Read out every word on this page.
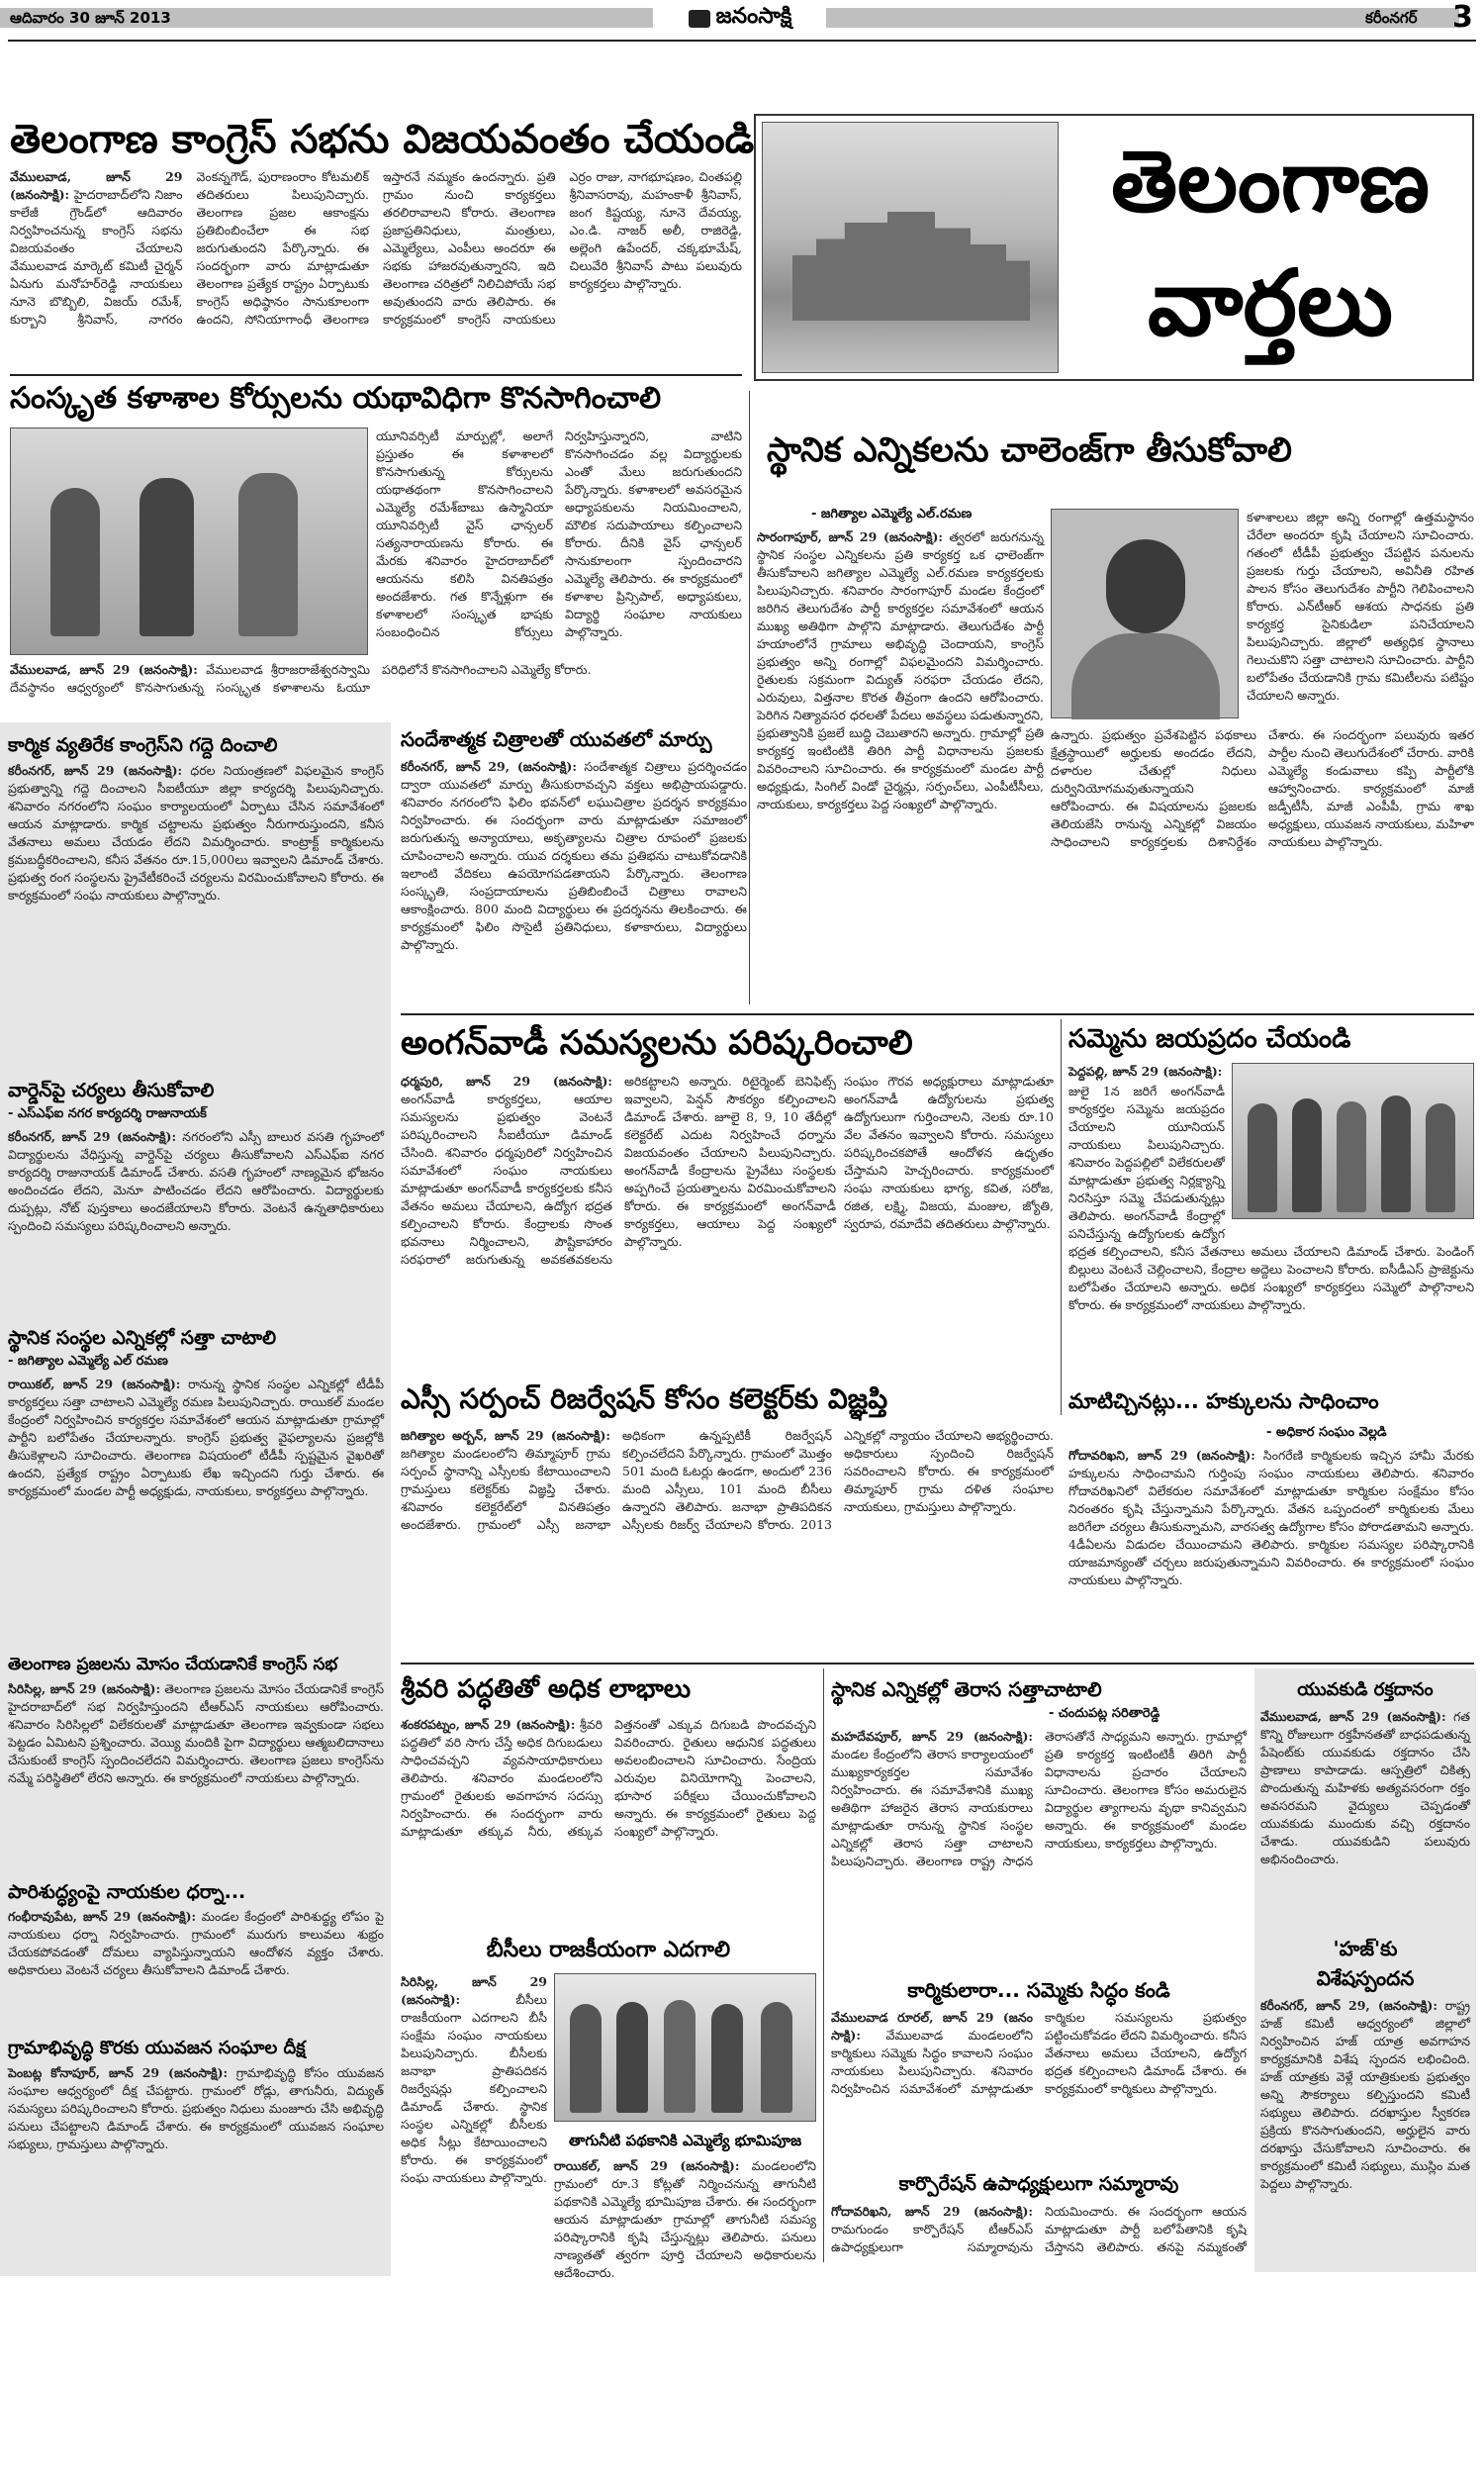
ఆదివారం 30 జూన్ 2013	జనంసాక్షి	కరీంనగర్ 3
తెలంగాణ కాంగ్రెస్ సభను విజయవంతం చేయండి
వేములవాడ, జూన్ 29 (జనంసాక్షి): హైదరాబాద్‌లోని నిజాం కాలేజీ గ్రౌండ్‌లో ఆదివారం నిర్వహించనున్న కాంగ్రెస్ సభను విజయవంతం చేయాలని వేములవాడ మార్కెట్ కమిటీ చైర్మన్ ఏనుగు మనోహర్‌రెడ్డి నాయకులు నూనె బొబ్బిలి, విజయ్ రమేశ్, కుర్బాని శ్రీనివాస్, నాగరం వెంకన్నగౌడ్, పురాణంరాం కోటమలిక్ తదితరులు పిలుపునిచ్చారు. తెలంగాణ ప్రజల ఆకాంక్షను ప్రతిబింబించేలా ఈ సభ జరుగుతుందని పేర్కొన్నారు. ఈ సందర్భంగా వారు మాట్లాడుతూ తెలంగాణ ప్రత్యేక రాష్ట్రం ఏర్పాటుకు కాంగ్రెస్ అధిష్ఠానం సానుకూలంగా ఉందని, సోనియాగాంధీ తెలంగాణ ఇస్తారనే నమ్మకం ఉందన్నారు. ప్రతి గ్రామం నుంచి కార్యకర్తలు తరలిరావాలని కోరారు. తెలంగాణ ప్రజాప్రతినిధులు, మంత్రులు, ఎమ్మెల్యేలు, ఎంపీలు అందరూ ఈ సభకు హాజరవుతున్నారని, ఇది తెలంగాణ చరిత్రలో నిలిచిపోయే సభ అవుతుందని వారు తెలిపారు. ఈ కార్యక్రమంలో కాంగ్రెస్ నాయకులు ఎర్రం రాజు, నాగభూషణం, చింతపల్లి శ్రీనివాసరావు, మహంకాళీ శ్రీనివాస్, జంగ కిష్టయ్య, నూనె దేవయ్య, ఎం.డి. నాజర్ అలీ, రాజిరెడ్డి, అల్లెంగి ఉపేందర్, చక్కభూమేష్, చిలువేరి శ్రీనివాస్ పాటు పలువురు కార్యకర్తలు పాల్గొన్నారు.
తెలంగాణ
వార్తలు
సంస్కృత కళాశాల కోర్సులను యథావిధిగా కొనసాగించాలి
యూనివర్సిటీ మార్పుల్లో, అలాగే ప్రస్తుతం ఈ కళాశాలలో కొనసాగుతున్న కోర్సులను యథాతథంగా కొనసాగించాలని ఎమ్మెల్యే రమేశ్‌బాబు ఉస్మానియా యూనివర్సిటీ వైస్ ఛాన్సలర్ సత్యనారాయణను కోరారు. ఈ మేరకు శనివారం హైదరాబాద్‌లో ఆయనను కలిసి వినతిపత్రం అందజేశారు. గత కొన్నేళ్లుగా ఈ కళాశాలలో సంస్కృత భాషకు సంబంధించిన కోర్సులు నిర్వహిస్తున్నారని, వాటిని కొనసాగించడం వల్ల విద్యార్థులకు ఎంతో మేలు జరుగుతుందని పేర్కొన్నారు. కళాశాలలో అవసరమైన అధ్యాపకులను నియమించాలని, మౌలిక సదుపాయాలు కల్పించాలని కోరారు. దీనికి వైస్ ఛాన్సలర్ సానుకూలంగా స్పందించారని ఎమ్మెల్యే తెలిపారు. ఈ కార్యక్రమంలో కళాశాల ప్రిన్సిపాల్, అధ్యాపకులు, విద్యార్థి సంఘాల నాయకులు పాల్గొన్నారు.
వేములవాడ, జూన్ 29 (జనంసాక్షి): వేములవాడ శ్రీరాజరాజేశ్వరస్వామి దేవస్థానం ఆధ్వర్యంలో కొనసాగుతున్న సంస్కృత కళాశాలను ఓయూ పరిధిలోనే కొనసాగించాలని ఎమ్మెల్యే కోరారు.
స్థానిక ఎన్నికలను చాలెంజ్‌గా తీసుకోవాలి
- జగిత్యాల ఎమ్మెల్యే ఎల్.రమణ
సారంగాపూర్, జూన్ 29 (జనంసాక్షి): త్వరలో జరుగనున్న స్థానిక సంస్థల ఎన్నికలను ప్రతి కార్యకర్త ఒక ఛాలెంజ్‌గా తీసుకోవాలని జగిత్యాల ఎమ్మెల్యే ఎల్.రమణ కార్యకర్తలకు పిలుపునిచ్చారు. శనివారం సారంగాపూర్ మండల కేంద్రంలో జరిగిన తెలుగుదేశం పార్టీ కార్యకర్తల సమావేశంలో ఆయన ముఖ్య అతిథిగా పాల్గొని మాట్లాడారు. తెలుగుదేశం పార్టీ హయాంలోనే గ్రామాలు అభివృద్ధి చెందాయని, కాంగ్రెస్ ప్రభుత్వం అన్ని రంగాల్లో విఫలమైందని విమర్శించారు. రైతులకు సక్రమంగా విద్యుత్ సరఫరా చేయడం లేదని, ఎరువులు, విత్తనాల కొరత తీవ్రంగా ఉందని ఆరోపించారు. పెరిగిన నిత్యావసర ధరలతో పేదలు అవస్థలు పడుతున్నారని, ప్రభుత్వానికి ప్రజలే బుద్ధి చెబుతారని అన్నారు. గ్రామాల్లో ప్రతి కార్యకర్త ఇంటింటికి తిరిగి పార్టీ విధానాలను ప్రజలకు వివరించాలని సూచించారు. ఈ కార్యక్రమంలో మండల పార్టీ అధ్యక్షుడు, సింగిల్ విండో చైర్మన్లు, సర్పంచ్‌లు, ఎంపీటీసీలు, నాయకులు, కార్యకర్తలు పెద్ద సంఖ్యలో పాల్గొన్నారు.
కళాశాలలు జిల్లా అన్ని రంగాల్లో ఉత్తమస్థానం చేరేలా అందరూ కృషి చేయాలని సూచించారు. గతంలో టీడీపీ ప్రభుత్వం చేపట్టిన పనులను ప్రజలకు గుర్తు చేయాలని, అవినీతి రహిత పాలన కోసం తెలుగుదేశం పార్టీని గెలిపించాలని కోరారు. ఎన్‌టీఆర్ ఆశయ సాధనకు ప్రతి కార్యకర్త సైనికుడిలా పనిచేయాలని పిలుపునిచ్చారు. జిల్లాలో అత్యధిక స్థానాలు గెలుచుకొని సత్తా చాటాలని సూచించారు. పార్టీని బలోపేతం చేయడానికి గ్రామ కమిటీలను పటిష్టం చేయాలని అన్నారు.
ఉన్నారు. ప్రభుత్వం ప్రవేశపెట్టిన పథకాలు క్షేత్రస్థాయిలో అర్హులకు అందడం లేదని, దళారుల చేతుల్లో నిధులు దుర్వినియోగమవుతున్నాయని ఆరోపించారు. ఈ విషయాలను ప్రజలకు తెలియజేసి రానున్న ఎన్నికల్లో విజయం సాధించాలని కార్యకర్తలకు దిశానిర్దేశం చేశారు. ఈ సందర్భంగా పలువురు ఇతర పార్టీల నుంచి తెలుగుదేశంలో చేరారు. వారికి ఎమ్మెల్యే కండువాలు కప్పి పార్టీలోకి ఆహ్వానించారు. కార్యక్రమంలో మాజీ జడ్పీటీసీ, మాజీ ఎంపీపీ, గ్రామ శాఖ అధ్యక్షులు, యువజన నాయకులు, మహిళా నాయకులు పాల్గొన్నారు.
కార్మిక వ్యతిరేక కాంగ్రెస్‌ని గద్దె దించాలి
కరీంనగర్, జూన్ 29 (జనంసాక్షి): ధరల నియంత్రణలో విఫలమైన కాంగ్రెస్ ప్రభుత్వాన్ని గద్దె దించాలని సీఐటీయూ జిల్లా కార్యదర్శి పిలుపునిచ్చారు. శనివారం నగరంలోని సంఘం కార్యాలయంలో ఏర్పాటు చేసిన సమావేశంలో ఆయన మాట్లాడారు. కార్మిక చట్టాలను ప్రభుత్వం నీరుగారుస్తుందని, కనీస వేతనాలు అమలు చేయడం లేదని విమర్శించారు. కాంట్రాక్ట్ కార్మికులను క్రమబద్ధీకరించాలని, కనీస వేతనం రూ.15,000లు ఇవ్వాలని డిమాండ్ చేశారు. ప్రభుత్వ రంగ సంస్థలను ప్రైవేటీకరించే చర్యలను విరమించుకోవాలని కోరారు. ఈ కార్యక్రమంలో సంఘ నాయకులు పాల్గొన్నారు.
వార్డెన్‌పై చర్యలు తీసుకోవాలి
- ఎస్‌ఎఫ్‌ఐ నగర కార్యదర్శి రాజునాయక్
కరీంనగర్, జూన్ 29 (జనంసాక్షి): నగరంలోని ఎస్సీ బాలుర వసతి గృహంలో విద్యార్థులను వేధిస్తున్న వార్డెన్‌పై చర్యలు తీసుకోవాలని ఎస్‌ఎఫ్‌ఐ నగర కార్యదర్శి రాజునాయక్ డిమాండ్ చేశారు. వసతి గృహంలో నాణ్యమైన భోజనం అందించడం లేదని, మెనూ పాటించడం లేదని ఆరోపించారు. విద్యార్థులకు దుప్పట్లు, నోట్ పుస్తకాలు అందజేయాలని కోరారు. వెంటనే ఉన్నతాధికారులు స్పందించి సమస్యలు పరిష్కరించాలని అన్నారు.
స్థానిక సంస్థల ఎన్నికల్లో సత్తా చాటాలి
- జగిత్యాల ఎమ్మెల్యే ఎల్ రమణ
రాయికల్, జూన్ 29 (జనంసాక్షి): రానున్న స్థానిక సంస్థల ఎన్నికల్లో టీడీపీ కార్యకర్తలు సత్తా చాటాలని ఎమ్మెల్యే రమణ పిలుపునిచ్చారు. రాయికల్ మండల కేంద్రంలో నిర్వహించిన కార్యకర్తల సమావేశంలో ఆయన మాట్లాడుతూ గ్రామాల్లో పార్టీని బలోపేతం చేయాలన్నారు. కాంగ్రెస్ ప్రభుత్వ వైఫల్యాలను ప్రజల్లోకి తీసుకెళ్లాలని సూచించారు. తెలంగాణ విషయంలో టీడీపీ స్పష్టమైన వైఖరితో ఉందని, ప్రత్యేక రాష్ట్రం ఏర్పాటుకు లేఖ ఇచ్చిందని గుర్తు చేశారు. ఈ కార్యక్రమంలో మండల పార్టీ అధ్యక్షుడు, నాయకులు, కార్యకర్తలు పాల్గొన్నారు.
తెలంగాణ ప్రజలను మోసం చేయడానికే కాంగ్రెస్ సభ
సిరిసిల్ల, జూన్ 29 (జనంసాక్షి): తెలంగాణ ప్రజలను మోసం చేయడానికే కాంగ్రెస్ హైదరాబాద్‌లో సభ నిర్వహిస్తుందని టీఆర్ఎస్ నాయకులు ఆరోపించారు. శనివారం సిరిసిల్లలో విలేకరులతో మాట్లాడుతూ తెలంగాణ ఇవ్వకుండా సభలు పెట్టడం ఏమిటని ప్రశ్నించారు. వెయ్యి మందికి పైగా విద్యార్థులు ఆత్మబలిదానాలు చేసుకుంటే కాంగ్రెస్ స్పందించలేదని విమర్శించారు. తెలంగాణ ప్రజలు కాంగ్రెస్‌ను నమ్మే పరిస్థితిలో లేరని అన్నారు. ఈ కార్యక్రమంలో నాయకులు పాల్గొన్నారు.
పారిశుద్ధ్యంపై నాయకుల ధర్నా...
గంభీరావుపేట, జూన్ 29 (జనంసాక్షి): మండల కేంద్రంలో పారిశుద్ధ్య లోపం పై నాయకులు ధర్నా నిర్వహించారు. గ్రామంలో మురుగు కాలువలు శుభ్రం చేయకపోవడంతో దోమలు వ్యాపిస్తున్నాయని ఆందోళన వ్యక్తం చేశారు. అధికారులు వెంటనే చర్యలు తీసుకోవాలని డిమాండ్ చేశారు.
గ్రామాభివృద్ధి కొరకు యువజన సంఘాల దీక్ష
పెంబట్ల కోనాపూర్, జూన్ 29 (జనంసాక్షి): గ్రామాభివృద్ధి కోసం యువజన సంఘాల ఆధ్వర్యంలో దీక్ష చేపట్టారు. గ్రామంలో రోడ్లు, తాగునీరు, విద్యుత్ సమస్యలు పరిష్కరించాలని కోరారు. ప్రభుత్వం నిధులు మంజూరు చేసి అభివృద్ధి పనులు చేపట్టాలని డిమాండ్ చేశారు. ఈ కార్యక్రమంలో యువజన సంఘాల సభ్యులు, గ్రామస్తులు పాల్గొన్నారు.
సందేశాత్మక చిత్రాలతో యువతలో మార్పు
కరీంనగర్, జూన్ 29, (జనంసాక్షి): సందేశాత్మక చిత్రాలు ప్రదర్శించడం ద్వారా యువతలో మార్పు తీసుకురావచ్చని వక్తలు అభిప్రాయపడ్డారు. శనివారం నగరంలోని ఫిలిం భవన్‌లో లఘుచిత్రాల ప్రదర్శన కార్యక్రమం నిర్వహించారు. ఈ సందర్భంగా వారు మాట్లాడుతూ సమాజంలో జరుగుతున్న అన్యాయాలు, అకృత్యాలను చిత్రాల రూపంలో ప్రజలకు చూపించాలని అన్నారు. యువ దర్శకులు తమ ప్రతిభను చాటుకోవడానికి ఇలాంటి వేదికలు ఉపయోగపడతాయని పేర్కొన్నారు. తెలంగాణ సంస్కృతి, సంప్రదాయాలను ప్రతిబింబించే చిత్రాలు రావాలని ఆకాంక్షించారు. 800 మంది విద్యార్థులు ఈ ప్రదర్శనను తిలకించారు. ఈ కార్యక్రమంలో ఫిలిం సొసైటీ ప్రతినిధులు, కళాకారులు, విద్యార్థులు పాల్గొన్నారు.
అంగన్‌వాడీ సమస్యలను పరిష్కరించాలి
ధర్మపురి, జూన్ 29 (జనంసాక్షి): అంగన్‌వాడీ కార్యకర్తలు, ఆయాల సమస్యలను ప్రభుత్వం వెంటనే పరిష్కరించాలని సీఐటీయూ డిమాండ్ చేసింది. శనివారం ధర్మపురిలో నిర్వహించిన సమావేశంలో సంఘం నాయకులు మాట్లాడుతూ అంగన్‌వాడీ కార్యకర్తలకు కనీస వేతనం అమలు చేయాలని, ఉద్యోగ భద్రత కల్పించాలని కోరారు. కేంద్రాలకు సొంత భవనాలు నిర్మించాలని, పౌష్టికాహారం సరఫరాలో జరుగుతున్న అవకతవకలను అరికట్టాలని అన్నారు. రిటైర్మెంట్ బెనిఫిట్స్ ఇవ్వాలని, పెన్షన్ సౌకర్యం కల్పించాలని డిమాండ్ చేశారు. జూలై 8, 9, 10 తేదీల్లో కలెక్టరేట్ ఎదుట నిర్వహించే ధర్నాను విజయవంతం చేయాలని పిలుపునిచ్చారు. అంగన్‌వాడీ కేంద్రాలను ప్రైవేటు సంస్థలకు అప్పగించే ప్రయత్నాలను విరమించుకోవాలని కోరారు. ఈ కార్యక్రమంలో అంగన్‌వాడీ కార్యకర్తలు, ఆయాలు పెద్ద సంఖ్యలో పాల్గొన్నారు.
సంఘం గౌరవ అధ్యక్షురాలు మాట్లాడుతూ అంగన్‌వాడీ ఉద్యోగులను ప్రభుత్వ ఉద్యోగులుగా గుర్తించాలని, నెలకు రూ.10 వేల వేతనం ఇవ్వాలని కోరారు. సమస్యలు పరిష్కరించకపోతే ఆందోళన ఉధృతం చేస్తామని హెచ్చరించారు. కార్యక్రమంలో సంఘ నాయకులు భాగ్య, కవిత, సరోజ, రజిత, లక్ష్మి, విజయ, మంజుల, జ్యోతి, స్వరూప, రమాదేవి తదితరులు పాల్గొన్నారు.
సమ్మెను జయప్రదం చేయండి
పెద్దపల్లి, జూన్ 29 (జనంసాక్షి):
జులై 1న జరిగే అంగన్‌వాడీ కార్యకర్తల సమ్మెను జయప్రదం చేయాలని యూనియన్ నాయకులు పిలుపునిచ్చారు. శనివారం పెద్దపల్లిలో విలేకరులతో మాట్లాడుతూ ప్రభుత్వ నిర్లక్ష్యాన్ని నిరసిస్తూ సమ్మె చేపడుతున్నట్లు తెలిపారు. అంగన్‌వాడీ కేంద్రాల్లో పనిచేస్తున్న ఉద్యోగులకు ఉద్యోగ భద్రత కల్పించాలని, కనీస వేతనాలు అమలు చేయాలని డిమాండ్ చేశారు. పెండింగ్ బిల్లులు వెంటనే చెల్లించాలని, కేంద్రాల అద్దెలు పెంచాలని కోరారు. ఐసీడీఎస్ ప్రాజెక్టును బలోపేతం చేయాలని అన్నారు. అధిక సంఖ్యలో కార్యకర్తలు సమ్మెలో పాల్గొనాలని కోరారు. ఈ కార్యక్రమంలో నాయకులు పాల్గొన్నారు.
ఎస్సీ సర్పంచ్ రిజర్వేషన్ కోసం కలెక్టర్‌కు విజ్ఞప్తి
జగిత్యాల అర్బన్, జూన్ 29 (జనంసాక్షి): జగిత్యాల మండలంలోని తిమ్మాపూర్ గ్రామ సర్పంచ్ స్థానాన్ని ఎస్సీలకు కేటాయించాలని గ్రామస్తులు కలెక్టర్‌కు విజ్ఞప్తి చేశారు. శనివారం కలెక్టరేట్‌లో వినతిపత్రం అందజేశారు. గ్రామంలో ఎస్సీ జనాభా అధికంగా ఉన్నప్పటికీ రిజర్వేషన్ కల్పించలేదని పేర్కొన్నారు. గ్రామంలో మొత్తం 501 మంది ఓటర్లు ఉండగా, అందులో 236 మంది ఎస్సీలు, 101 మంది బీసీలు ఉన్నారని తెలిపారు. జనాభా ప్రాతిపదికన ఎస్సీలకు రిజర్వ్ చేయాలని కోరారు. 2013 ఎన్నికల్లో న్యాయం చేయాలని అభ్యర్థించారు. అధికారులు స్పందించి రిజర్వేషన్ సవరించాలని కోరారు. ఈ కార్యక్రమంలో తిమ్మాపూర్ గ్రామ దళిత సంఘాల నాయకులు, గ్రామస్తులు పాల్గొన్నారు.
మాటిచ్చినట్లు... హక్కులను సాధించాం
- అధికార సంఘం వెల్లడి
గోదావరిఖని, జూన్ 29 (జనంసాక్షి): సింగరేణి కార్మికులకు ఇచ్చిన హామీ మేరకు హక్కులను సాధించామని గుర్తింపు సంఘం నాయకులు తెలిపారు. శనివారం గోదావరిఖనిలో విలేకరుల సమావేశంలో మాట్లాడుతూ కార్మికుల సంక్షేమం కోసం నిరంతరం కృషి చేస్తున్నామని పేర్కొన్నారు. వేతన ఒప్పందంలో కార్మికులకు మేలు జరిగేలా చర్యలు తీసుకున్నామని, వారసత్వ ఉద్యోగాల కోసం పోరాడతామని అన్నారు. 4డీఏలను విడుదల చేయించామని తెలిపారు. కార్మికుల సమస్యల పరిష్కారానికి యాజమాన్యంతో చర్చలు జరుపుతున్నామని వివరించారు. ఈ కార్యక్రమంలో సంఘం నాయకులు పాల్గొన్నారు.
శ్రీవరి పద్ధతితో అధిక లాభాలు
శంకరపట్నం, జూన్ 29 (జనంసాక్షి): శ్రీవరి పద్ధతిలో వరి సాగు చేస్తే అధిక దిగుబడులు సాధించవచ్చని వ్యవసాయాధికారులు తెలిపారు. శనివారం మండలంలోని గ్రామంలో రైతులకు అవగాహన సదస్సు నిర్వహించారు. ఈ సందర్భంగా వారు మాట్లాడుతూ తక్కువ నీరు, తక్కువ విత్తనంతో ఎక్కువ దిగుబడి పొందవచ్చని వివరించారు. రైతులు ఆధునిక పద్ధతులు అవలంబించాలని సూచించారు. సేంద్రియ ఎరువుల వినియోగాన్ని పెంచాలని, భూసార పరీక్షలు చేయించుకోవాలని అన్నారు. ఈ కార్యక్రమంలో రైతులు పెద్ద సంఖ్యలో పాల్గొన్నారు.
బీసీలు రాజకీయంగా ఎదగాలి
సిరిసిల్ల, జూన్ 29 (జనంసాక్షి):	బీసీలు రాజకీయంగా ఎదగాలని బీసీ సంక్షేమ సంఘం నాయకులు పిలుపునిచ్చారు. బీసీలకు జనాభా ప్రాతిపదికన రిజర్వేషన్లు కల్పించాలని డిమాండ్ చేశారు. స్థానిక సంస్థల ఎన్నికల్లో బీసీలకు అధిక సీట్లు కేటాయించాలని కోరారు. ఈ కార్యక్రమంలో సంఘ నాయకులు పాల్గొన్నారు.
తాగునీటి పథకానికి ఎమ్మెల్యే భూమిపూజ
రాయికల్, జూన్ 29 (జనంసాక్షి): మండలంలోని గ్రామంలో రూ.3 కోట్లతో నిర్మించనున్న తాగునీటి పథకానికి ఎమ్మెల్యే భూమిపూజ చేశారు. ఈ సందర్భంగా ఆయన మాట్లాడుతూ గ్రామాల్లో తాగునీటి సమస్య పరిష్కారానికి కృషి చేస్తున్నట్లు తెలిపారు. పనులు నాణ్యతతో త్వరగా పూర్తి చేయాలని అధికారులను ఆదేశించారు.
స్థానిక ఎన్నికల్లో తెరాస సత్తాచాటాలి
- చందుపట్ల సరితారెడ్డి
మహదేవపూర్, జూన్ 29 (జనంసాక్షి): మండల కేంద్రంలోని తెరాస కార్యాలయంలో ముఖ్యకార్యకర్తల సమావేశం నిర్వహించారు. ఈ సమావేశానికి ముఖ్య అతిథిగా హాజరైన తెరాస నాయకురాలు మాట్లాడుతూ రానున్న స్థానిక సంస్థల ఎన్నికల్లో తెరాస సత్తా చాటాలని పిలుపునిచ్చారు. తెలంగాణ రాష్ట్ర సాధన తెరాసతోనే సాధ్యమని అన్నారు. గ్రామాల్లో ప్రతి కార్యకర్త ఇంటింటికీ తిరిగి పార్టీ విధానాలను ప్రచారం చేయాలని సూచించారు. తెలంగాణ కోసం అమరులైన విద్యార్థుల త్యాగాలను వృథా కానివ్వమని అన్నారు. ఈ కార్యక్రమంలో మండల నాయకులు, కార్యకర్తలు పాల్గొన్నారు.
కార్మికులారా... సమ్మెకు సిద్ధం కండి
వేములవాడ రూరల్, జూన్ 29 (జనం సాక్షి): వేములవాడ మండలంలోని కార్మికులు సమ్మెకు సిద్ధం కావాలని సంఘం నాయకులు పిలుపునిచ్చారు. శనివారం నిర్వహించిన సమావేశంలో మాట్లాడుతూ కార్మికుల సమస్యలను ప్రభుత్వం పట్టించుకోవడం లేదని విమర్శించారు. కనీస వేతనాలు అమలు చేయాలని, ఉద్యోగ భద్రత కల్పించాలని డిమాండ్ చేశారు. ఈ కార్యక్రమంలో కార్మికులు పాల్గొన్నారు.
కార్పొరేషన్ ఉపాధ్యక్షులుగా సమ్మారావు
గోదావరిఖని, జూన్ 29 (జనంసాక్షి): రామగుండం కార్పొరేషన్ టీఆర్ఎస్ ఉపాధ్యక్షులుగా సమ్మారావును నియమించారు. ఈ సందర్భంగా ఆయన మాట్లాడుతూ పార్టీ బలోపేతానికి కృషి చేస్తానని తెలిపారు. తనపై నమ్మకంతో
యువకుడి రక్తదానం
వేములవాడ, జూన్ 29 (జనంసాక్షి): గత కొన్ని రోజులుగా రక్తహీనతతో బాధపడుతున్న పేషెంట్‌కు యువకుడు రక్తదానం చేసి ప్రాణాలు కాపాడాడు. ఆస్పత్రిలో చికిత్స పొందుతున్న మహిళకు అత్యవసరంగా రక్తం అవసరమని వైద్యులు చెప్పడంతో యువకుడు ముందుకు వచ్చి రక్తదానం చేశాడు. యువకుడిని పలువురు అభినందించారు.
'హజ్'కు
విశేషస్పందన
కరీంనగర్, జూన్ 29, (జనంసాక్షి): రాష్ట్ర హజ్ కమిటీ ఆధ్వర్యంలో జిల్లాలో నిర్వహించిన హజ్ యాత్ర అవగాహన కార్యక్రమానికి విశేష స్పందన లభించింది. హజ్ యాత్రకు వెళ్లే యాత్రికులకు ప్రభుత్వం అన్ని సౌకర్యాలు కల్పిస్తుందని కమిటీ సభ్యులు తెలిపారు. దరఖాస్తుల స్వీకరణ ప్రక్రియ కొనసాగుతుందని, అర్హులైన వారు దరఖాస్తు చేసుకోవాలని సూచించారు. ఈ కార్యక్రమంలో కమిటీ సభ్యులు, ముస్లిం మత పెద్దలు పాల్గొన్నారు.
